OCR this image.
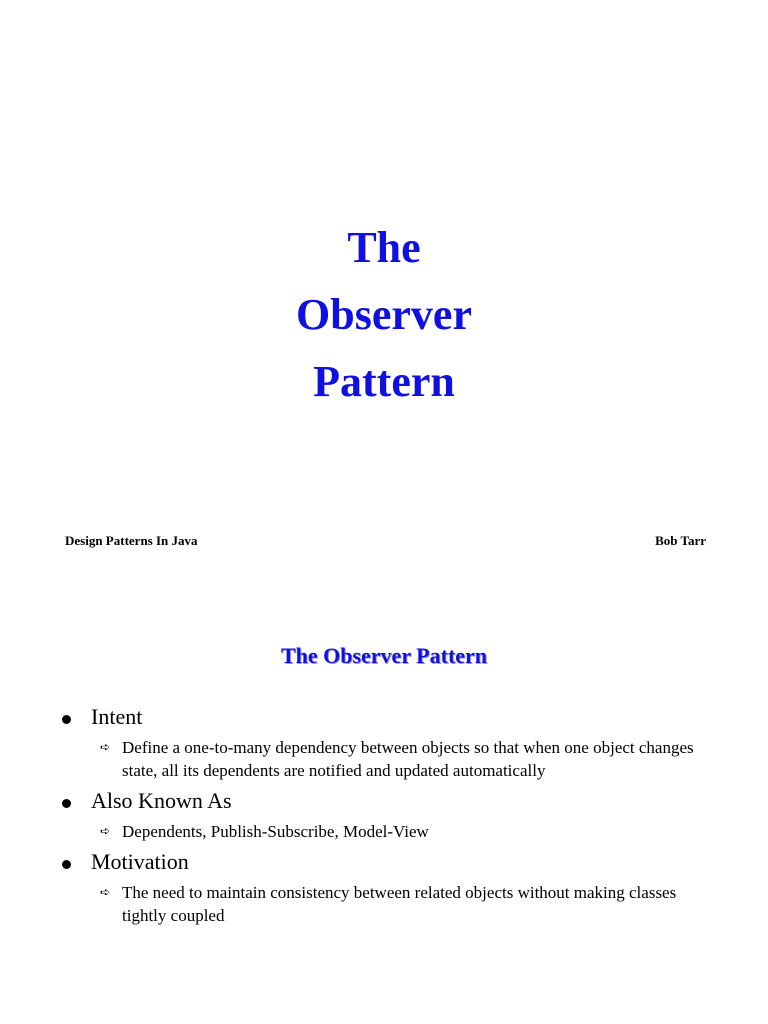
The
Observer
Pattern
Design Patterns In Java	Bob Tarr
The Observer Pattern
Intent
➪ Define a one-to-many dependency between objects so that when one object changes state, all its dependents are notified and updated automatically
Also Known As
➪ Dependents, Publish-Subscribe, Model-View
Motivation
➪ The need to maintain consistency between related objects without making classes tightly coupled
